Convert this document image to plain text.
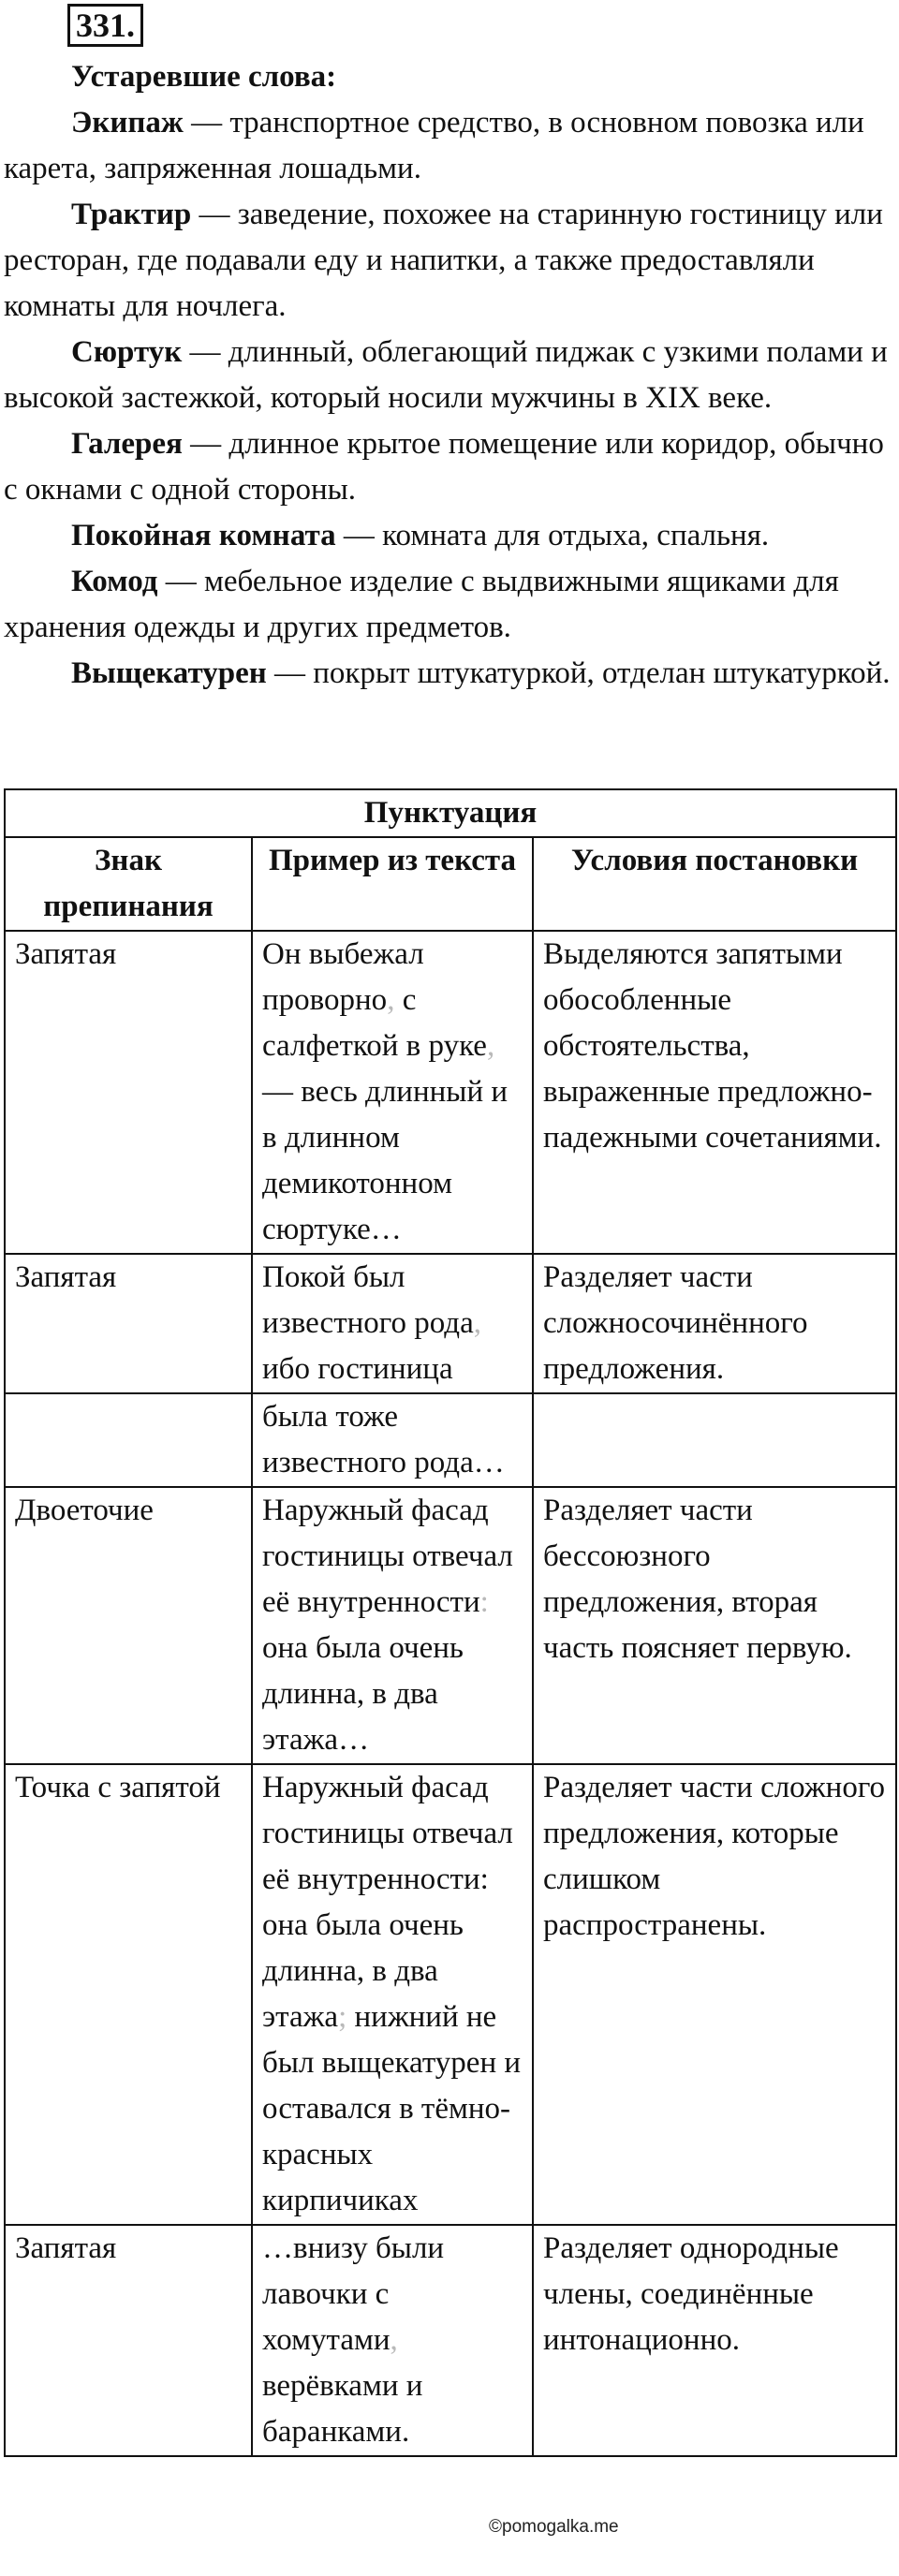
331.

Устаревшие слова:

Экипаж — транспортное средство, в основном повозка или карета, запряженная лошадьми.

Трактир — заведение, похожее на старинную гостиницу или ресторан, где подавали еду и напитки, а также предоставляли комнаты для ночлега.

Сюртук — длинный, облегающий пиджак с узкими полами и высокой застежкой, который носили мужчины в XIX веке.

Галерея — длинное крытое помещение или коридор, обычно с окнами с одной стороны.

Покойная комната — комната для отдыха, спальня.

Комод — мебельное изделие с выдвижными ящиками для хранения одежды и других предметов.

Выщекатурен — покрыт штукатуркой, отделан штукатуркой.

Пунктуация		
Знак препинания	Пример из текста	Условия постановки
Запятая	Он выбежал проворно, с салфеткой в руке, — весь длинный и в длинном демикотонном сюртуке…	Выделяются запятыми обособленные обстоятельства, выраженные предложно-падежными сочетаниями.
Запятая	Покой был известного рода, ибо гостиница	Разделяет части сложносочинённого предложения.
	была тоже известного рода…	
Двоеточие	Наружный фасад гостиницы отвечал её внутренности: она была очень длинна, в два этажа…	Разделяет части бессоюзного предложения, вторая часть поясняет первую.
Точка с запятой	Наружный фасад гостиницы отвечал её внутренности: она была очень длинна, в два этажа; нижний не был выщекатурен и оставался в тёмно-красных кирпичиках	Разделяет части сложного предложения, которые слишком распространены.
Запятая	…внизу были лавочки с хомутами, верёвками и баранками.	Разделяет однородные члены, соединённые интонационно.
©pomogalka.me
